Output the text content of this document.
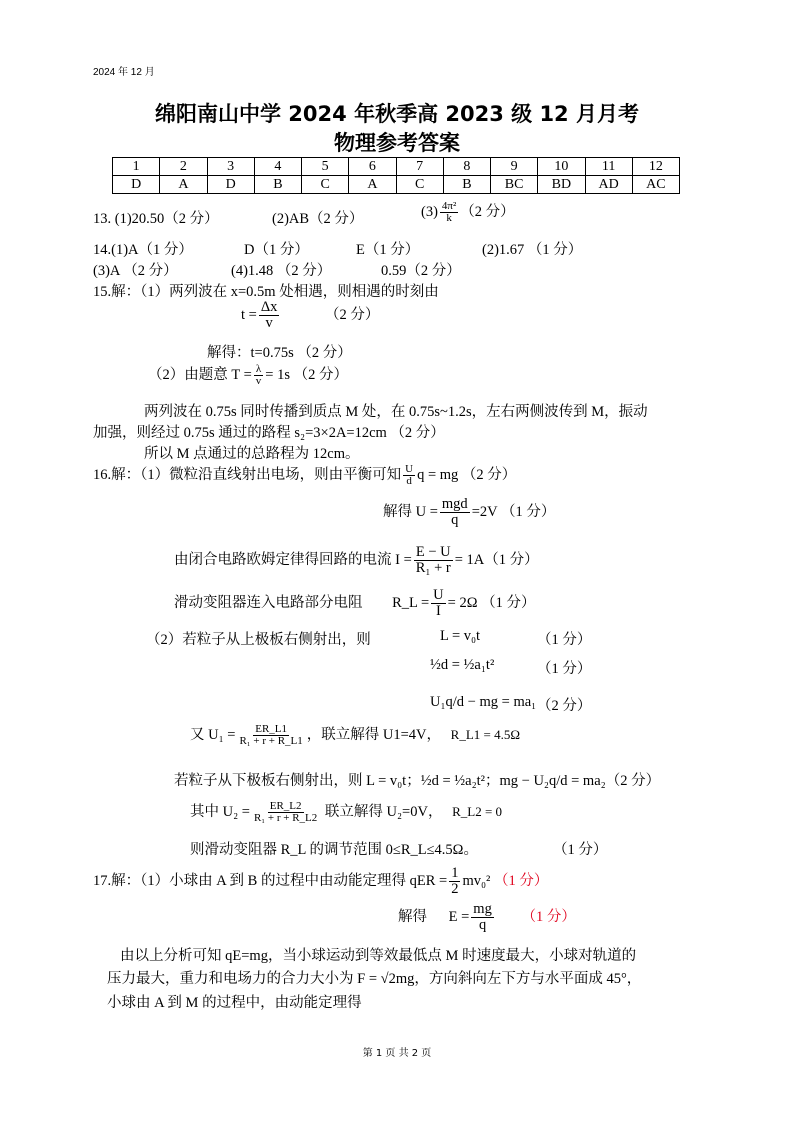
2024 年 12 月
绵阳南山中学 2024 年秋季高 2023 级 12 月月考
物理参考答案
1	2	3	4	5	6	7	8	9	10	11	12
D	A	D	B	C	A	C	B	BC	BD	AD	AC
13. (1)20.50（2 分）	(2)AB（2 分）	$(3) \frac{\text{4π²}}{k} (2$ 分）
14.(1)A（1 分）	D（1 分）	E（1 分）	(2)1.67 （1 分）
(3)A （2 分）	(4)1.48 （2 分）	0.59（2 分）
15.解：（1）两列波在 x=0.5m 处相遇，则相遇的时刻由
$t = \frac{\Delta x}{v}$	（2 分）
解得：t=0.75s （2 分）
（2）由题意 $T = \frac{\lambda}{v} = 1s$ （2 分）
两列波在 0.75s 同时传播到质点 M 处，在 0.75s~1.2s，左右两侧波传到 M，振动
加强，则经过 0.75s 通过的路程 s₂=3×2A=12cm （2 分）
所以 M 点通过的总路程为 12cm。
16.解：（1）微粒沿直线射出电场，则由平衡可知 $\frac{U}{d}$ q = mg （2 分）
解得 $U = \frac{\text{mgd}}{q} =2V$ （1 分）
由闭合电路欧姆定律得回路的电流 $I = \frac{E - U}{\text{R₁ + r}} = 1A(1$ 分）
滑动变阻器连入电路部分电阻 R_L = $\frac{U}{I} = 2\Omega$ （1 分）
（2）若粒子从上极板右侧射出，则	L = v₀t	（1 分）
½d = ½a₁t²	（1 分）
U₁q/d − mg = ma₁ （2 分）
又 $U_1 = \frac{ER\_L1}{\text{R₁ + r + R\_L1}}$ ，联立解得 U1=4V， R_L1 = 4.5Ω
若粒子从下极板右侧射出，则 L = v₀t；½d = ½a₂t²；mg − U₂q/d = ma₂（2 分）
其中 $U_2 = \frac{ER\_L2}{\text{R₁ + r + R\_L2}}$ 联立解得 U₂=0V， R_L2 = 0
则滑动变阻器 R_L 的调节范围 0≤R_L≤4.5Ω。	（1 分）
17.解：（1）小球由 A 到 B 的过程中由动能定理得 qER = $\frac{1}{2} mv_0^2$ （1 分）
解得 $E = \frac{mg}{q} (1$ 分）
由以上分析可知 qE=mg，当小球运动到等效最低点 M 时速度最大，小球对轨道的
压力最大，重力和电场力的合力大小为 F = √2mg，方向斜向左下方与水平面成 45°，
小球由 A 到 M 的过程中，由动能定理得
第 1 页 共 2 页
